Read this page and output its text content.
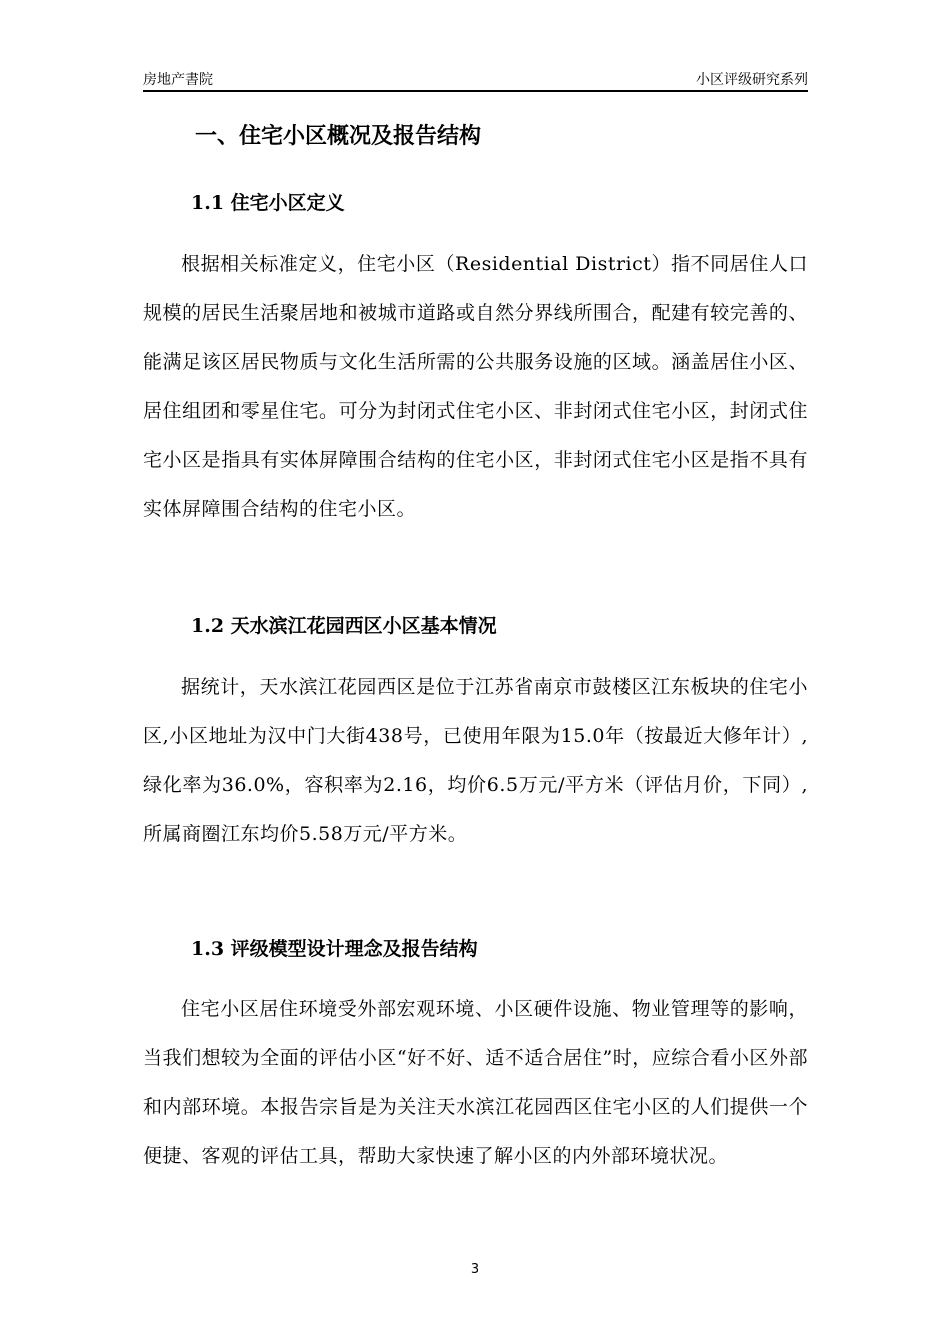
房地产書院	小区评级研究系列
一、住宅小区概况及报告结构
1.1 住宅小区定义
根据相关标准定义，住宅小区（Residential District）指不同居住人口规模的居民生活聚居地和被城市道路或自然分界线所围合，配建有较完善的、能满足该区居民物质与文化生活所需的公共服务设施的区域。涵盖居住小区、居住组团和零星住宅。可分为封闭式住宅小区、非封闭式住宅小区，封闭式住宅小区是指具有实体屏障围合结构的住宅小区，非封闭式住宅小区是指不具有实体屏障围合结构的住宅小区。
1.2 天水滨江花园西区小区基本情况
据统计，天水滨江花园西区是位于江苏省南京市鼓楼区江东板块的住宅小区,小区地址为汉中门大街438号，已使用年限为15.0年（按最近大修年计）,绿化率为36.0%，容积率为2.16，均价6.5万元/平方米（评估月价，下同）,所属商圈江东均价5.58万元/平方米。
1.3 评级模型设计理念及报告结构
住宅小区居住环境受外部宏观环境、小区硬件设施、物业管理等的影响，当我们想较为全面的评估小区“好不好、适不适合居住”时，应综合看小区外部和内部环境。本报告宗旨是为关注天水滨江花园西区住宅小区的人们提供一个便捷、客观的评估工具，帮助大家快速了解小区的内外部环境状况。
3
